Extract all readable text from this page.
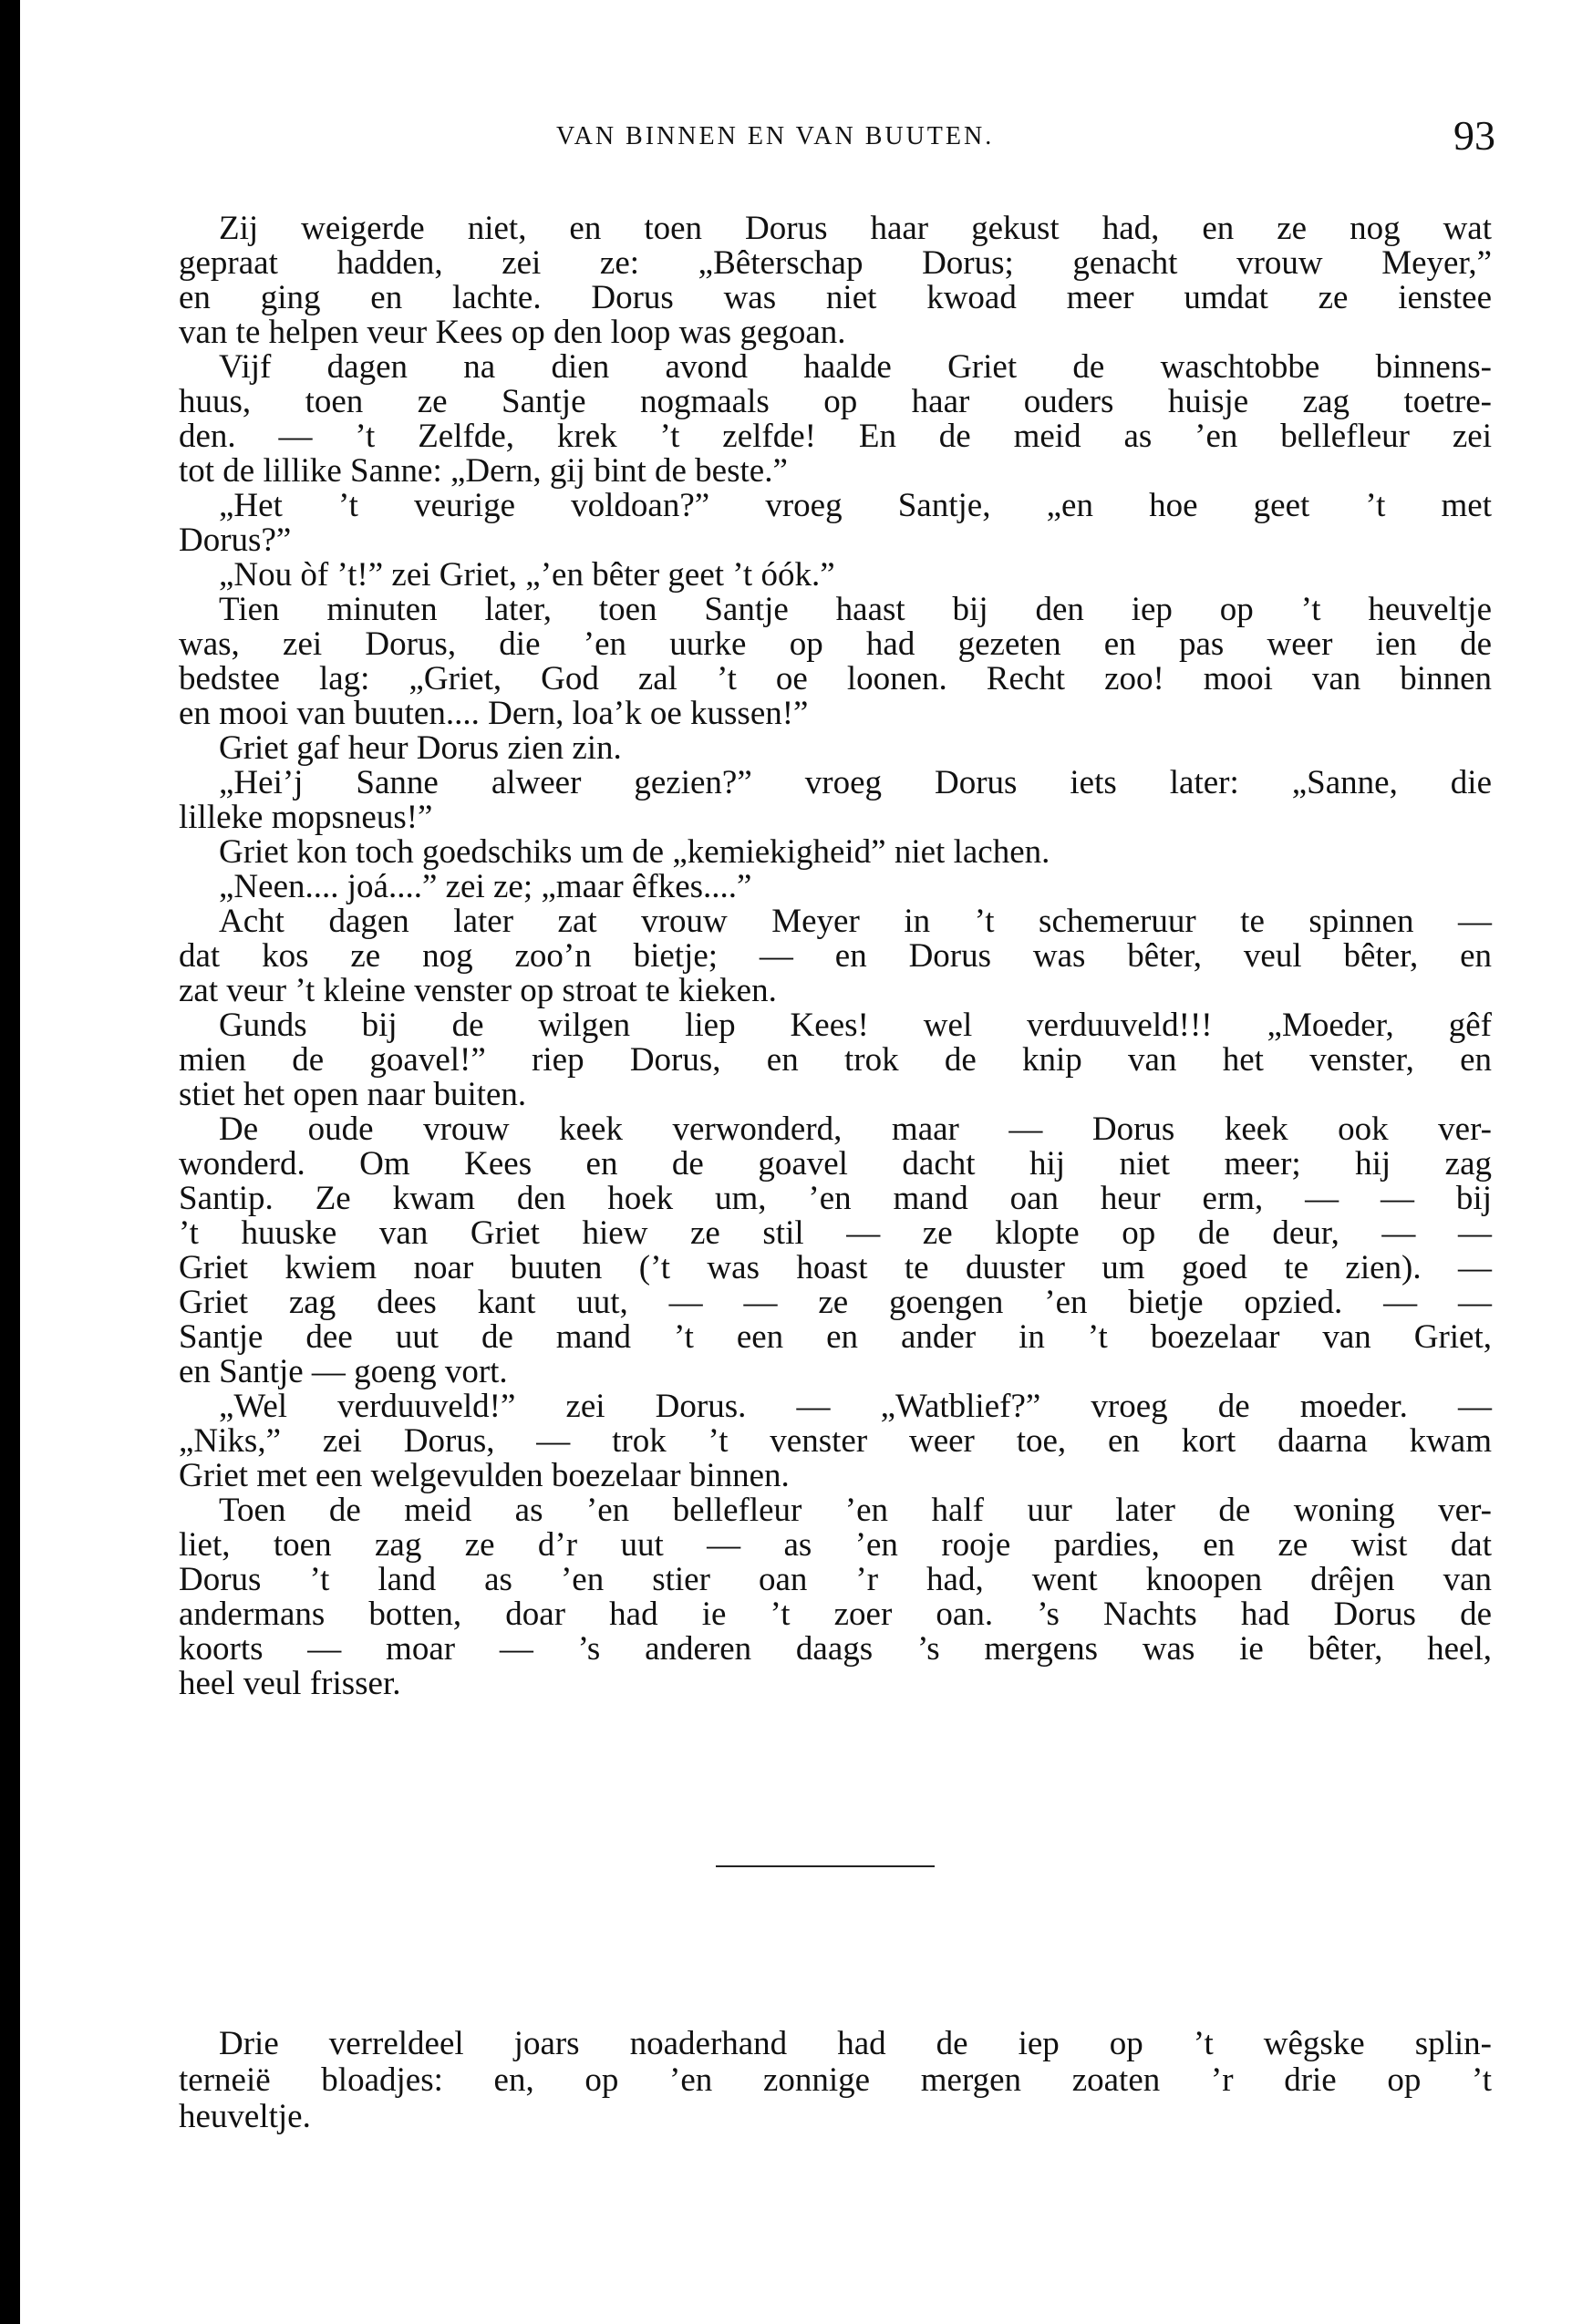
VAN BINNEN EN VAN BUUTEN.	93
Zij weigerde niet, en toen Dorus haar gekust had, en ze nog wat
gepraat hadden, zei ze: „Bêterschap Dorus; genacht vrouw Meyer,”
en ging en lachte. Dorus was niet kwoad meer umdat ze ienstee
van te helpen veur Kees op den loop was gegoan.
Vijf dagen na dien avond haalde Griet de waschtobbe binnens-
huus, toen ze Santje nogmaals op haar ouders huisje zag toetre-
den. — ’t Zelfde, krek ’t zelfde! En de meid as ’en bellefleur zei
tot de lillike Sanne: „Dern, gij bint de beste.”
„Het ’t veurige voldoan?” vroeg Santje, „en hoe geet ’t met
Dorus?”
„Nou òf ’t!” zei Griet, „’en bêter geet ’t óók.”
Tien minuten later, toen Santje haast bij den iep op ’t heuveltje
was, zei Dorus, die ’en uurke op had gezeten en pas weer ien de
bedstee lag: „Griet, God zal ’t oe loonen. Recht zoo! mooi van binnen
en mooi van buuten.... Dern, loa’k oe kussen!”
Griet gaf heur Dorus zien zin.
„Hei’j Sanne alweer gezien?” vroeg Dorus iets later: „Sanne, die
lilleke mopsneus!”
Griet kon toch goedschiks um de „kemiekigheid” niet lachen.
„Neen.... joá....” zei ze; „maar êfkes....”
Acht dagen later zat vrouw Meyer in ’t schemeruur te spinnen —
dat kos ze nog zoo’n bietje; — en Dorus was bêter, veul bêter, en
zat veur ’t kleine venster op stroat te kieken.
Gunds bij de wilgen liep Kees! wel verduuveld!!! „Moeder, gêf
mien de goavel!” riep Dorus, en trok de knip van het venster, en
stiet het open naar buiten.
De oude vrouw keek verwonderd, maar — Dorus keek ook ver-
wonderd. Om Kees en de goavel dacht hij niet meer; hij zag
Santip. Ze kwam den hoek um, ’en mand oan heur erm, — — bij
’t huuske van Griet hiew ze stil — ze klopte op de deur, — —
Griet kwiem noar buuten (’t was hoast te duuster um goed te zien). —
Griet zag dees kant uut, — — ze goengen ’en bietje opzied. — —
Santje dee uut de mand ’t een en ander in ’t boezelaar van Griet,
en Santje — goeng vort.
„Wel verduuveld!” zei Dorus. — „Watblief?” vroeg de moeder. —
„Niks,” zei Dorus, — trok ’t venster weer toe, en kort daarna kwam
Griet met een welgevulden boezelaar binnen.
Toen de meid as ’en bellefleur ’en half uur later de woning ver-
liet, toen zag ze d’r uut — as ’en rooje pardies, en ze wist dat
Dorus ’t land as ’en stier oan ’r had, went knoopen drêjen van
andermans botten, doar had ie ’t zoer oan. ’s Nachts had Dorus de
koorts — moar — ’s anderen daags ’s mergens was ie bêter, heel,
heel veul frisser.
Drie verreldeel joars noaderhand had de iep op ’t wêgske splin-
terneië bloadjes: en, op ’en zonnige mergen zoaten ’r drie op ’t
heuveltje.
